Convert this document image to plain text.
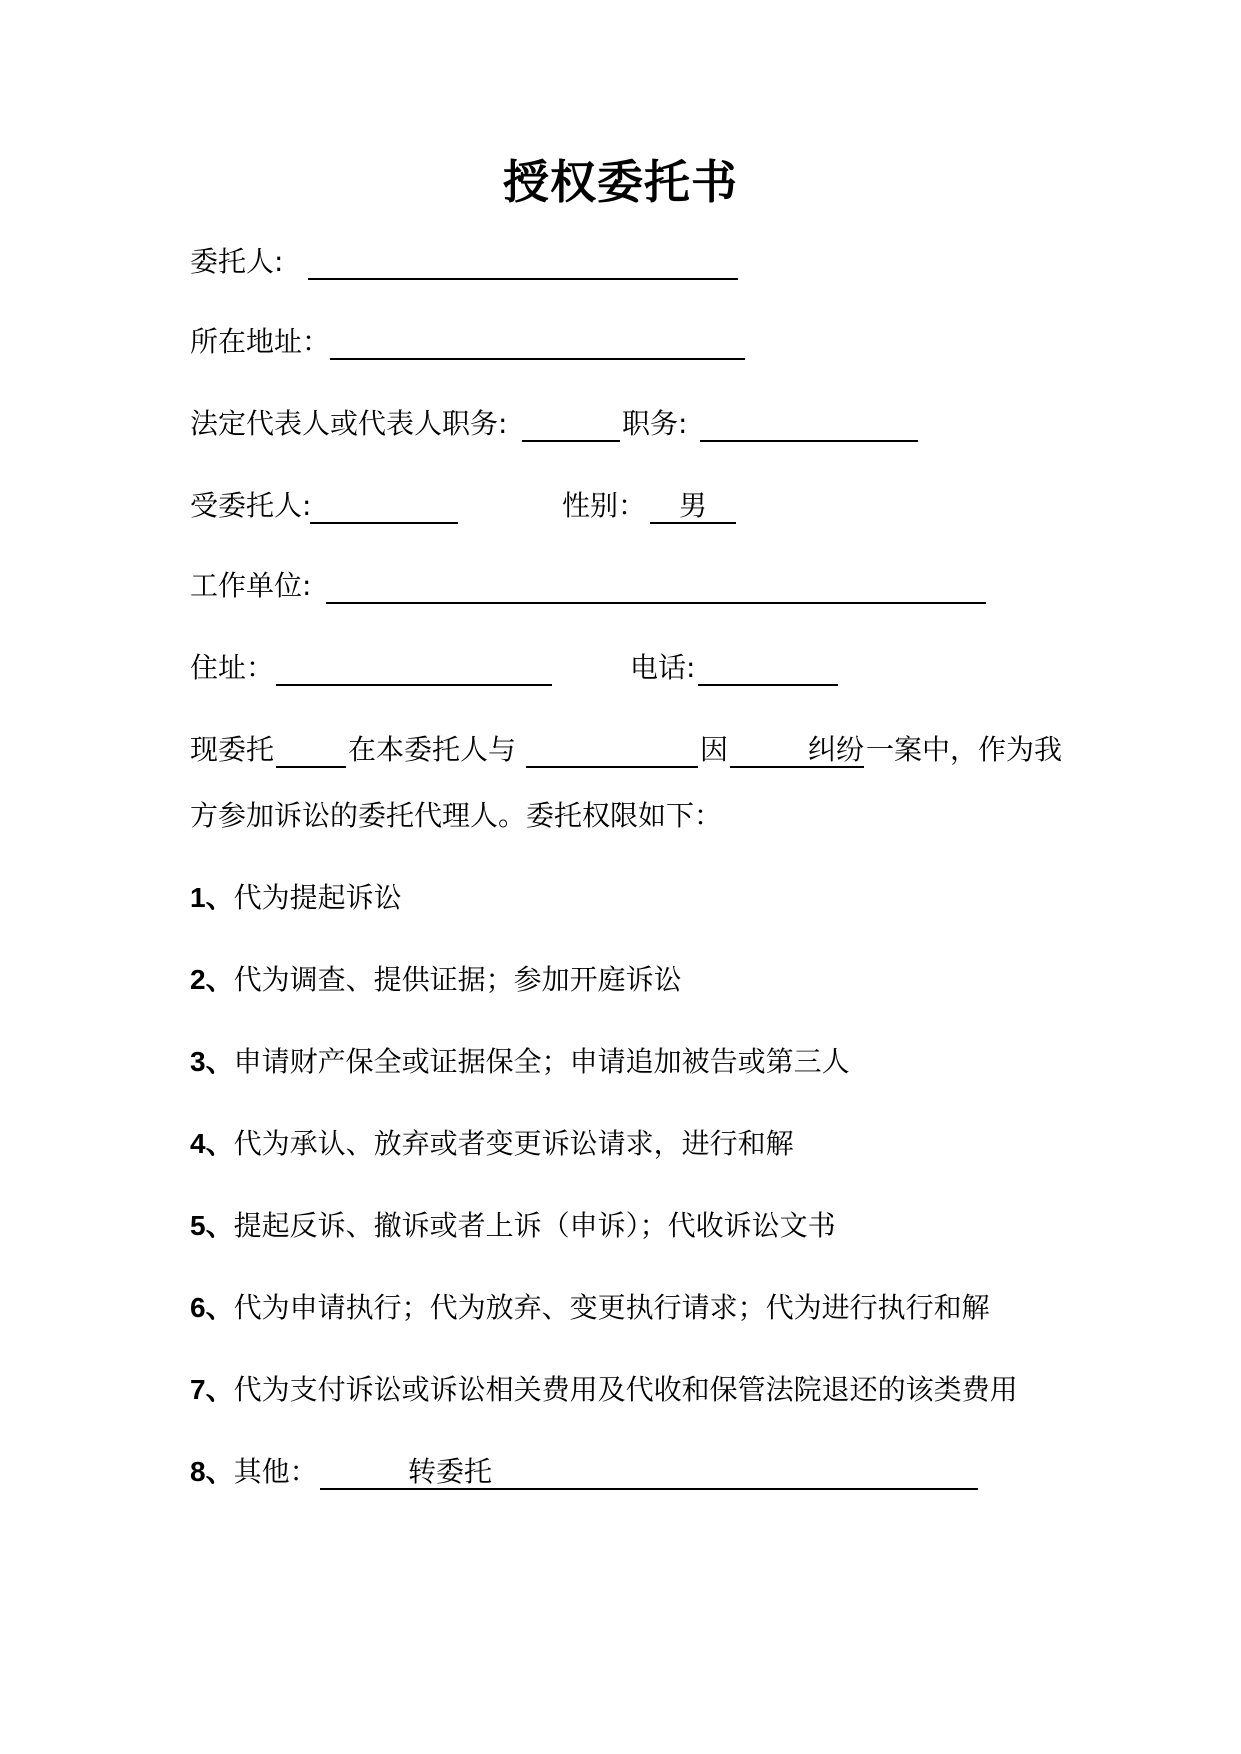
授权委托书
委托人:
所在地址：
法定代表人或代表人职务:	职务:
受委托人:	性别：	男
工作单位:
住址：	电话:
现委托	在本委托人与	因	纠纷 一案中，作为我
方参加诉讼的委托代理人。委托权限如下：
1、代为提起诉讼
2、代为调查、提供证据；参加开庭诉讼
3、申请财产保全或证据保全；申请追加被告或第三人
4、代为承认、放弃或者变更诉讼请求，进行和解
5、提起反诉、撤诉或者上诉（申诉）；代收诉讼文书
6、代为申请执行；代为放弃、变更执行请求；代为进行执行和解
7、代为支付诉讼或诉讼相关费用及代收和保管法院退还的该类费用
8、其他：	转委托
